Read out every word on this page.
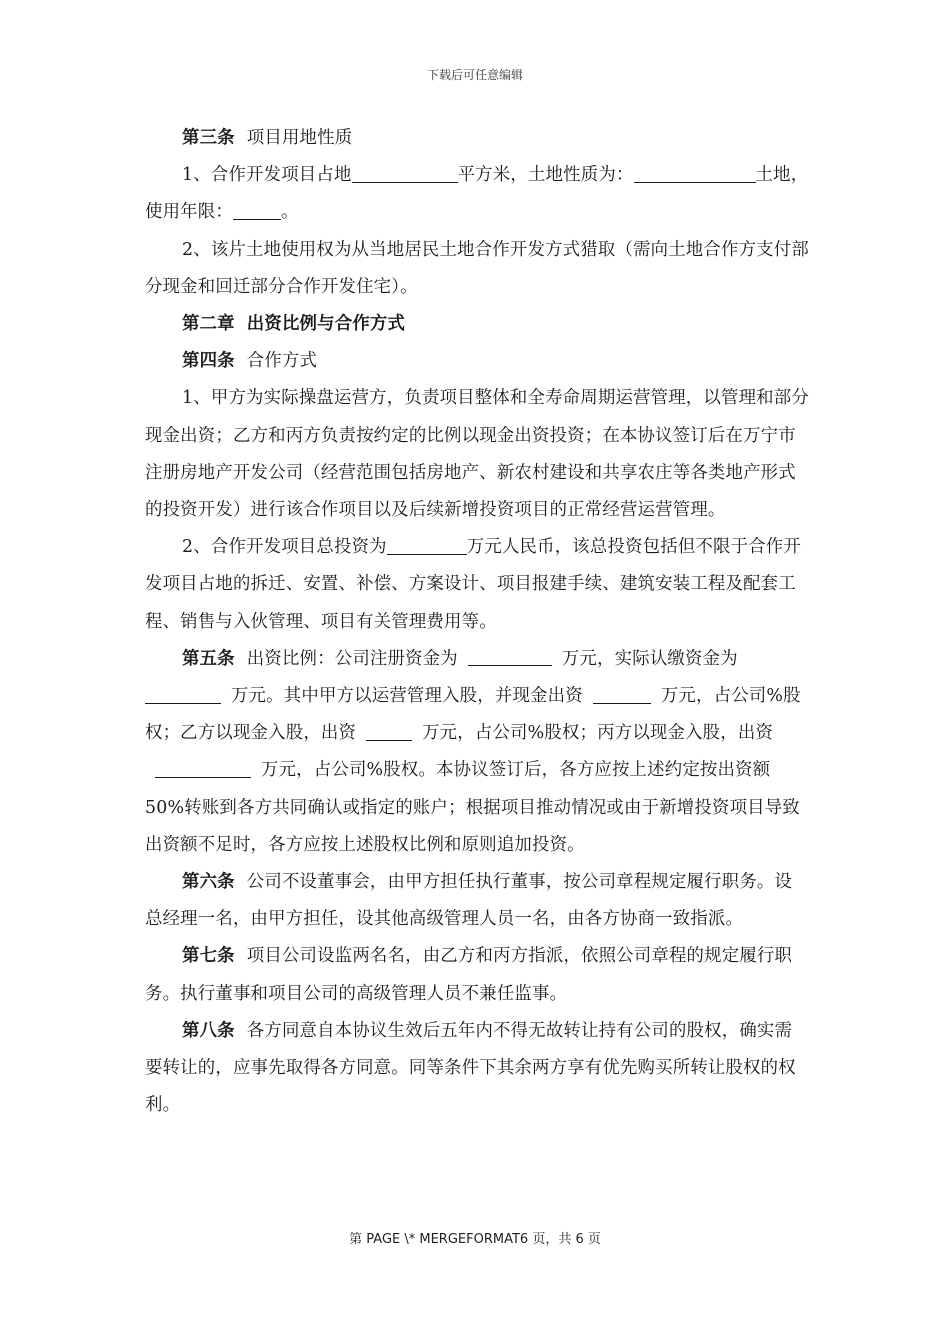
下载后可任意编辑

第三条 项目用地性质

1、合作开发项目占地	平方米，土地性质为：	土地，使用年限：	。

2、该片土地使用权为从当地居民土地合作开发方式猎取（需向土地合作方支付部分现金和回迁部分合作开发住宅）。

第二章 出资比例与合作方式

第四条 合作方式

1、甲方为实际操盘运营方，负责项目整体和全寿命周期运营管理，以管理和部分现金出资；乙方和丙方负责按约定的比例以现金出资投资；在本协议签订后在万宁市注册房地产开发公司（经营范围包括房地产、新农村建设和共享农庄等各类地产形式的投资开发）进行该合作项目以及后续新增投资项目的正常经营运营管理。

2、合作开发项目总投资为	万元人民币，该总投资包括但不限于合作开发项目占地的拆迁、安置、补偿、方案设计、项目报建手续、建筑安装工程及配套工程、销售与入伙管理、项目有关管理费用等。

第五条 出资比例：公司注册资金为	万元，实际认缴资金为万元。其中甲方以运营管理入股，并现金出资	万元，占公司%股权；乙方以现金入股，出资	万元，占公司%股权；丙方以现金入股，出资万元，占公司%股权。本协议签订后，各方应按上述约定按出资额50%转账到各方共同确认或指定的账户；根据项目推动情况或由于新增投资项目导致出资额不足时，各方应按上述股权比例和原则追加投资。

第六条 公司不设董事会，由甲方担任执行董事，按公司章程规定履行职务。设总经理一名，由甲方担任，设其他高级管理人员一名，由各方协商一致指派。

第七条 项目公司设监两名名，由乙方和丙方指派，依照公司章程的规定履行职务。执行董事和项目公司的高级管理人员不兼任监事。

第八条 各方同意自本协议生效后五年内不得无故转让持有公司的股权，确实需要转让的，应事先取得各方同意。同等条件下其余两方享有优先购买所转让股权的权利。

第 PAGE \* MERGEFORMAT6 页，共 6 页
